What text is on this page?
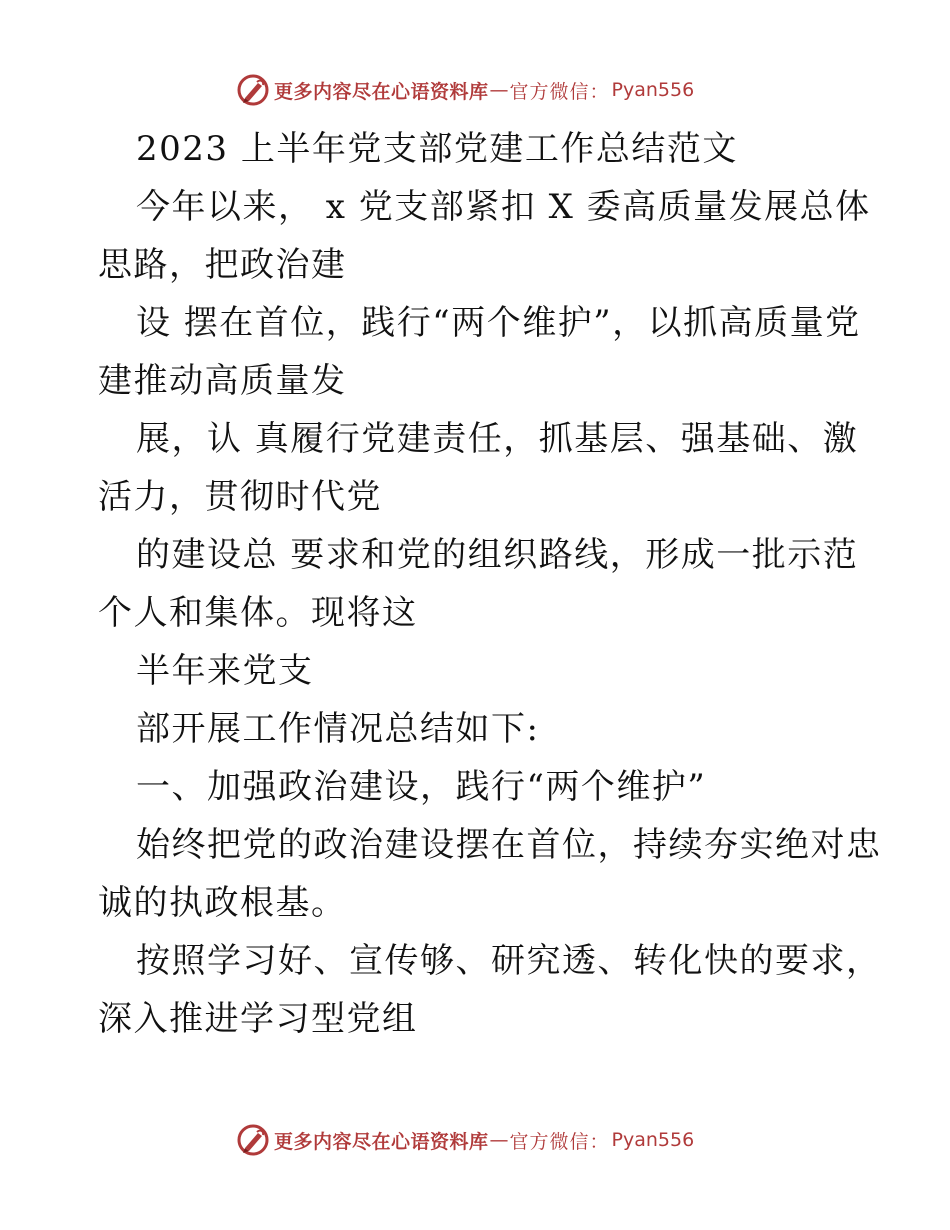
更多内容尽在心语资料库 — 官方微信： Pyan556
2023 上半年党支部党建工作总结范文
今年以来， x 党支部紧扣 X 委高质量发展总体
思路，把政治建
设 摆在首位，践行“两个维护”，以抓高质量党
建推动高质量发
展，认 真履行党建责任，抓基层、强基础、激
活力，贯彻时代党
的建设总 要求和党的组织路线，形成一批示范
个人和集体。现将这
半年来党支
部开展工作情况总结如下:
一、加强政治建设，践行“两个维护”
始终把党的政治建设摆在首位，持续夯实绝对忠
诚的执政根基。
按照学习好、宣传够、研究透、转化快的要求，
深入推进学习型党组
更多内容尽在心语资料库 — 官方微信： Pyan556
